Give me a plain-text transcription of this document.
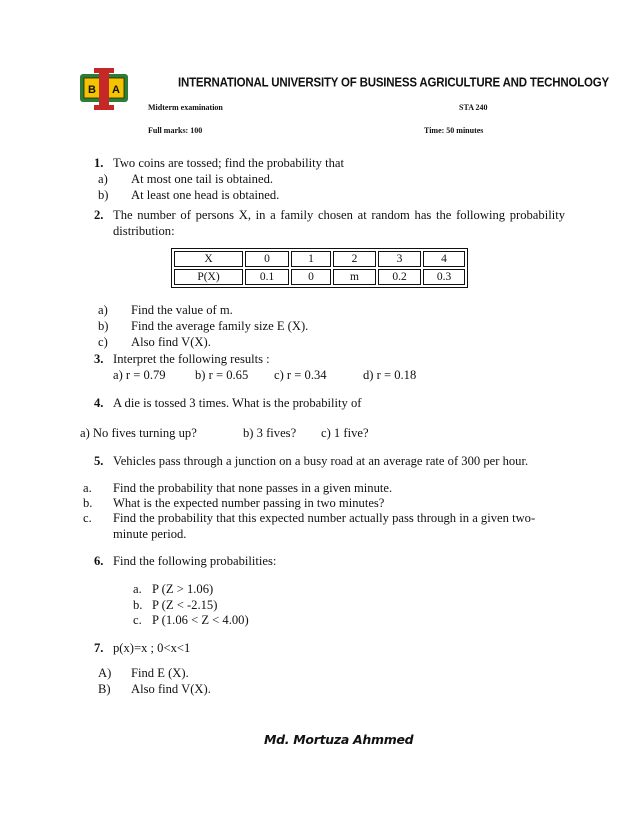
B A
INTERNATIONAL UNIVERSITY OF BUSINESS AGRICULTURE AND TECHNOLOGY
Midterm examination	STA 240
Full marks: 100	Time: 50 minutes
1. Two coins are tossed; find the probability that
a) At most one tail is obtained.
b) At least one head is obtained.
2. The number of persons X, in a family chosen at random has the following probability
distribution:
X	0	1	2	3	4
P(X)	0.1	0	m	0.2	0.3
a) Find the value of m.
b) Find the average family size E (X).
c) Also find V(X).
3. Interpret the following results :
a) r = 0.79 b) r = 0.65 c) r = 0.34	d) r = 0.18
4. A die is tossed 3 times. What is the probability of
a) No fives turning up?	b) 3 fives? c) 1 five?
5. Vehicles pass through a junction on a busy road at an average rate of 300 per hour.
a. Find the probability that none passes in a given minute.
b. What is the expected number passing in two minutes?
c. Find the probability that this expected number actually pass through in a given two-
minute period.
6. Find the following probabilities:
a. P (Z > 1.06)
b. P (Z < -2.15)
c. P (1.06 < Z < 4.00)
7. p(x)=x ; 0<x<1
A) Find E (X).
B) Also find V(X).
Md. Mortuza Ahmmed
